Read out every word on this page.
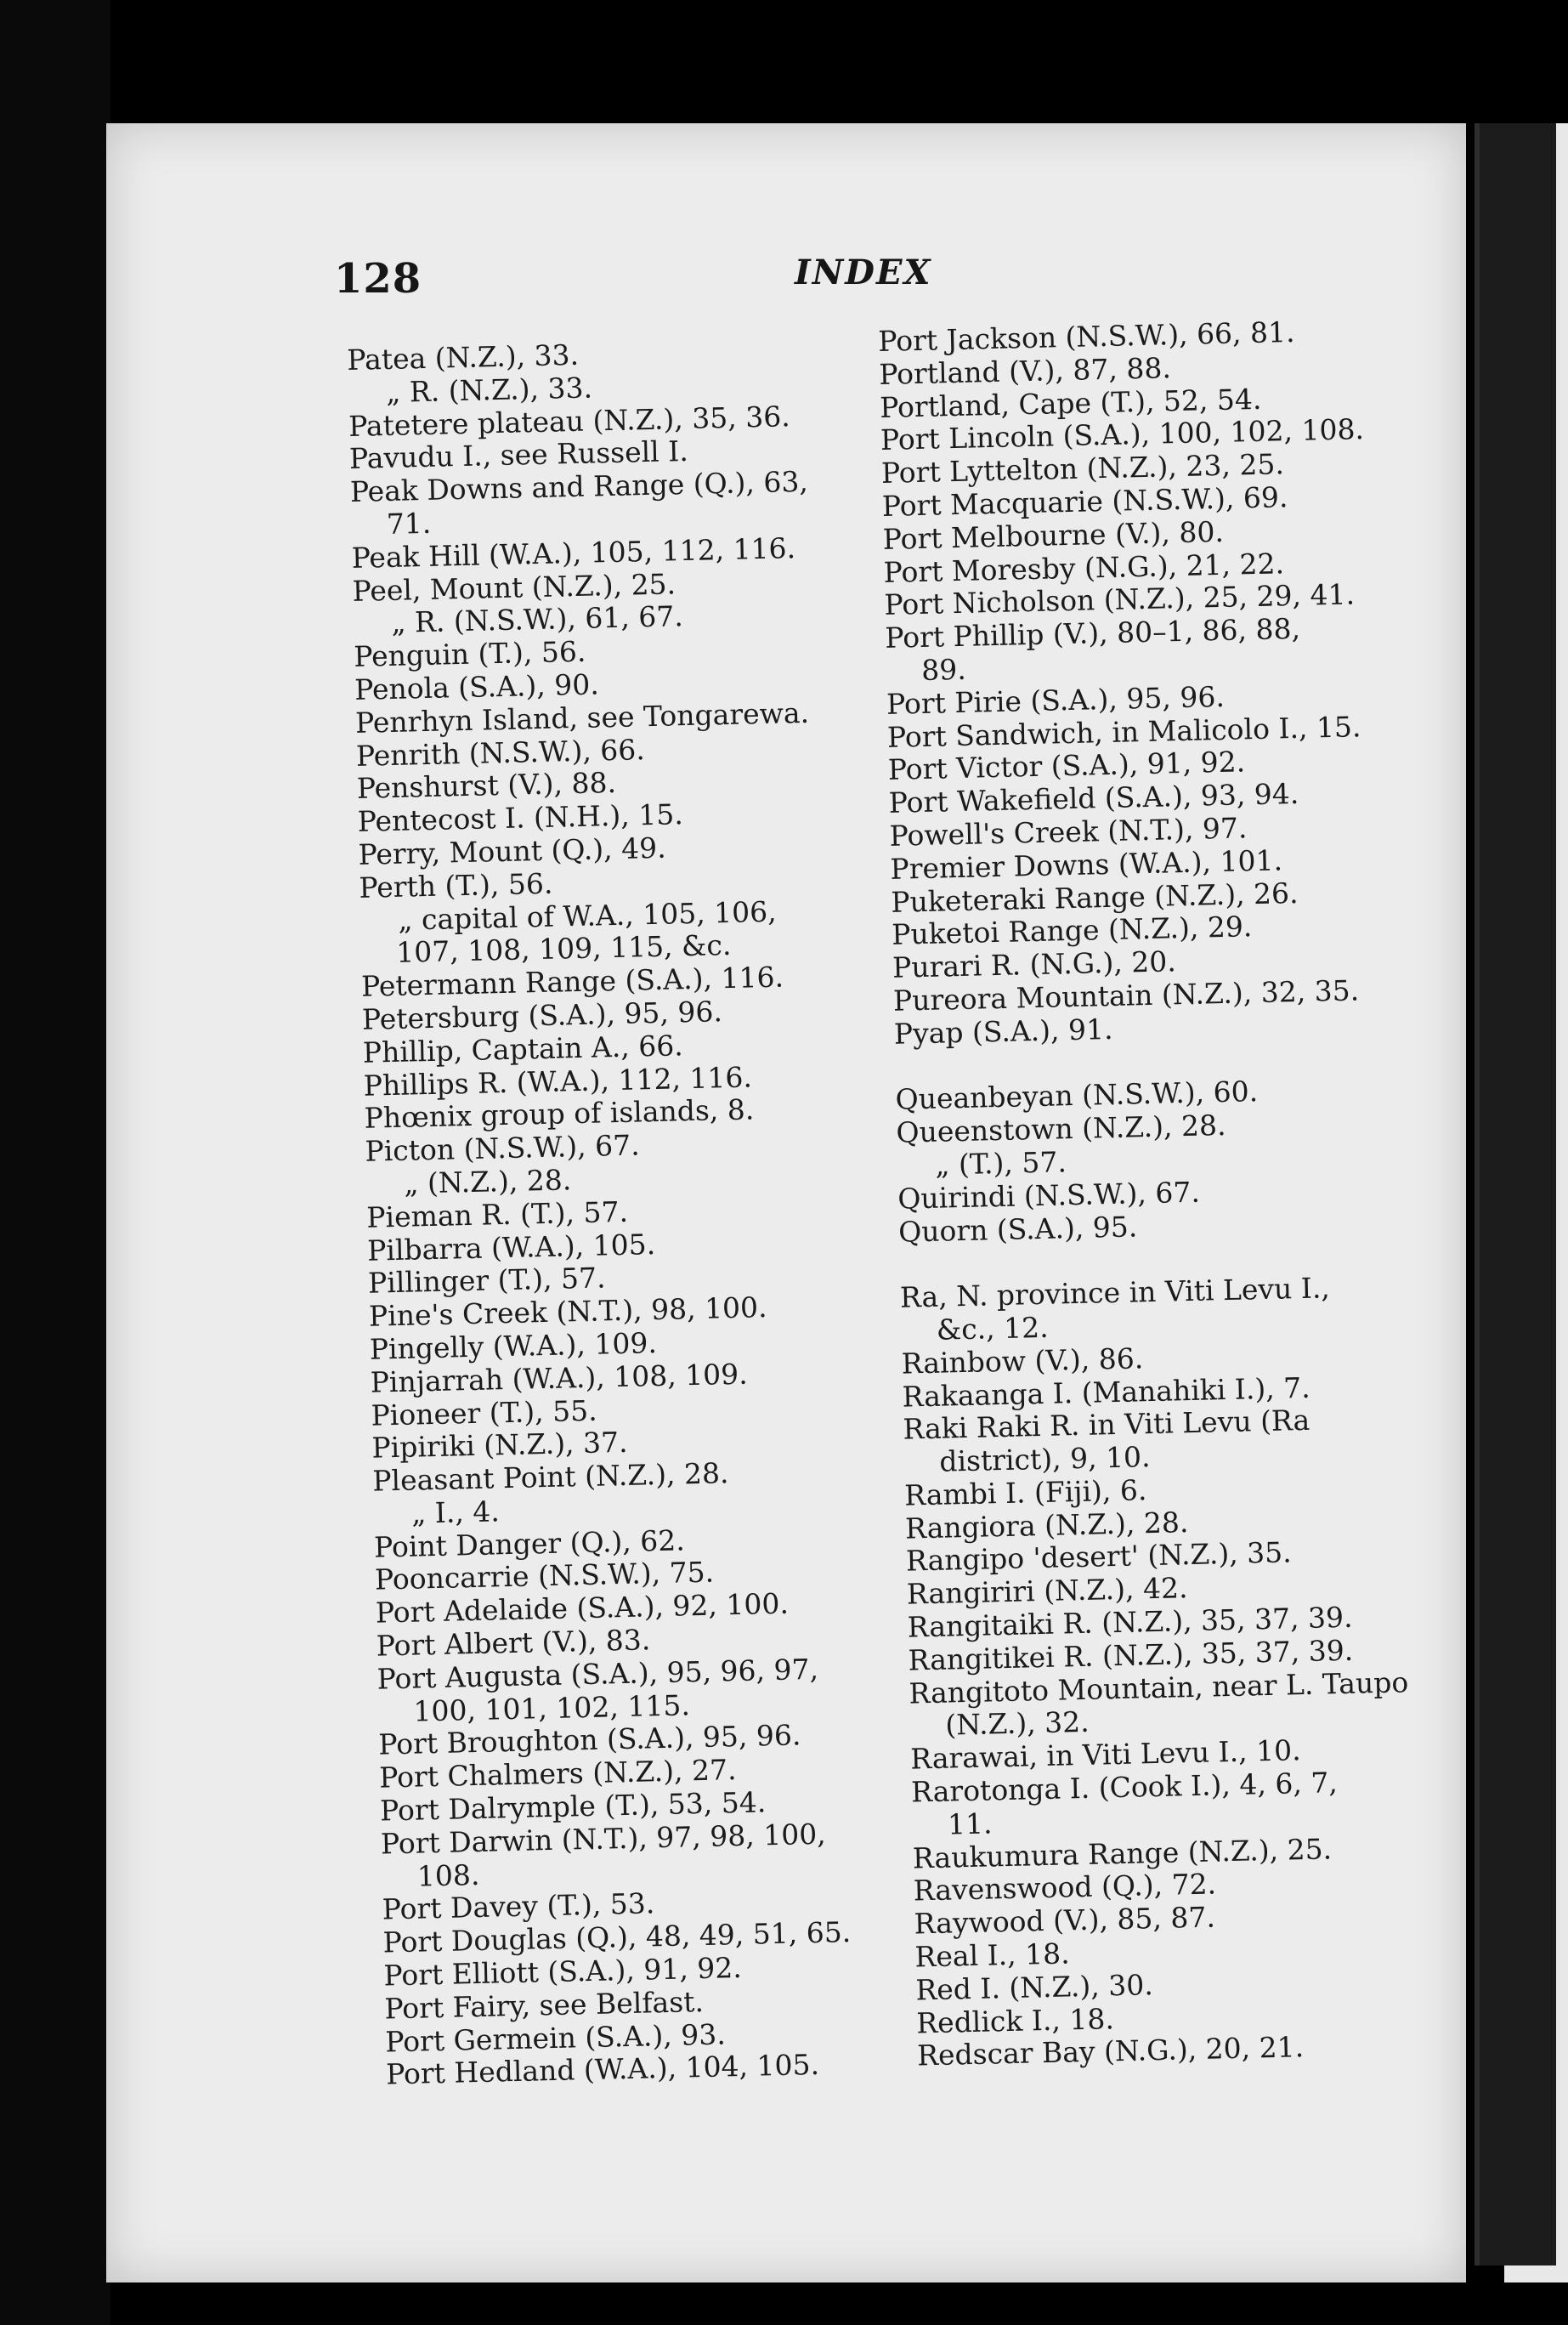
128	INDEX
Patea (N.Z.), 33.
„ R. (N.Z.), 33.
Patetere plateau (N.Z.), 35, 36.
Pavudu I., see Russell I.
Peak Downs and Range (Q.), 63,
71.
Peak Hill (W.A.), 105, 112, 116.
Peel, Mount (N.Z.), 25.
„ R. (N.S.W.), 61, 67.
Penguin (T.), 56.
Penola (S.A.), 90.
Penrhyn Island, see Tongarewa.
Penrith (N.S.W.), 66.
Penshurst (V.), 88.
Pentecost I. (N.H.), 15.
Perry, Mount (Q.), 49.
Perth (T.), 56.
„ capital of W.A., 105, 106,
107, 108, 109, 115, &c.
Petermann Range (S.A.), 116.
Petersburg (S.A.), 95, 96.
Phillip, Captain A., 66.
Phillips R. (W.A.), 112, 116.
Phœnix group of islands, 8.
Picton (N.S.W.), 67.
„ (N.Z.), 28.
Pieman R. (T.), 57.
Pilbarra (W.A.), 105.
Pillinger (T.), 57.
Pine's Creek (N.T.), 98, 100.
Pingelly (W.A.), 109.
Pinjarrah (W.A.), 108, 109.
Pioneer (T.), 55.
Pipiriki (N.Z.), 37.
Pleasant Point (N.Z.), 28.
„ I., 4.
Point Danger (Q.), 62.
Pooncarrie (N.S.W.), 75.
Port Adelaide (S.A.), 92, 100.
Port Albert (V.), 83.
Port Augusta (S.A.), 95, 96, 97,
100, 101, 102, 115.
Port Broughton (S.A.), 95, 96.
Port Chalmers (N.Z.), 27.
Port Dalrymple (T.), 53, 54.
Port Darwin (N.T.), 97, 98, 100,
108.
Port Davey (T.), 53.
Port Douglas (Q.), 48, 49, 51, 65.
Port Elliott (S.A.), 91, 92.
Port Fairy, see Belfast.
Port Germein (S.A.), 93.
Port Hedland (W.A.), 104, 105.
Port Jackson (N.S.W.), 66, 81.
Portland (V.), 87, 88.
Portland, Cape (T.), 52, 54.
Port Lincoln (S.A.), 100, 102, 108.
Port Lyttelton (N.Z.), 23, 25.
Port Macquarie (N.S.W.), 69.
Port Melbourne (V.), 80.
Port Moresby (N.G.), 21, 22.
Port Nicholson (N.Z.), 25, 29, 41.
Port Phillip (V.), 80–1, 86, 88,
89.
Port Pirie (S.A.), 95, 96.
Port Sandwich, in Malicolo I., 15.
Port Victor (S.A.), 91, 92.
Port Wakefield (S.A.), 93, 94.
Powell's Creek (N.T.), 97.
Premier Downs (W.A.), 101.
Puketeraki Range (N.Z.), 26.
Puketoi Range (N.Z.), 29.
Purari R. (N.G.), 20.
Pureora Mountain (N.Z.), 32, 35.
Pyap (S.A.), 91.
Queanbeyan (N.S.W.), 60.
Queenstown (N.Z.), 28.
„ (T.), 57.
Quirindi (N.S.W.), 67.
Quorn (S.A.), 95.
Ra, N. province in Viti Levu I.,
&c., 12.
Rainbow (V.), 86.
Rakaanga I. (Manahiki I.), 7.
Raki Raki R. in Viti Levu (Ra
district), 9, 10.
Rambi I. (Fiji), 6.
Rangiora (N.Z.), 28.
Rangipo 'desert' (N.Z.), 35.
Rangiriri (N.Z.), 42.
Rangitaiki R. (N.Z.), 35, 37, 39.
Rangitikei R. (N.Z.), 35, 37, 39.
Rangitoto Mountain, near L. Taupo
(N.Z.), 32.
Rarawai, in Viti Levu I., 10.
Rarotonga I. (Cook I.), 4, 6, 7,
11.
Raukumura Range (N.Z.), 25.
Ravenswood (Q.), 72.
Raywood (V.), 85, 87.
Real I., 18.
Red I. (N.Z.), 30.
Redlick I., 18.
Redscar Bay (N.G.), 20, 21.
